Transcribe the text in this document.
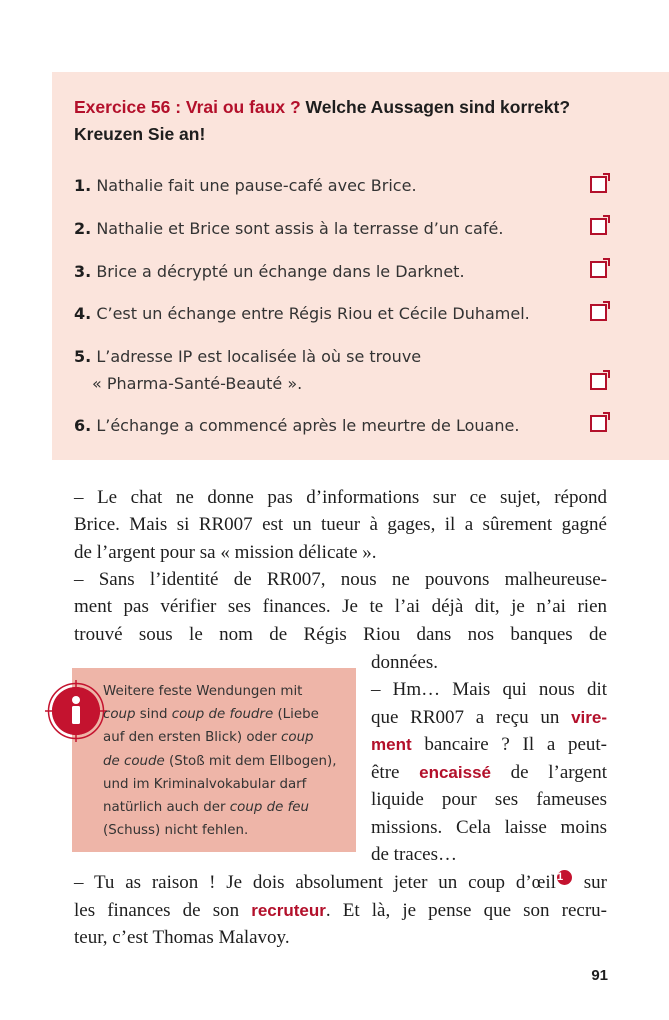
Exercice 56 : Vrai ou faux ? Welche Aussagen sind korrekt?
Kreuzen Sie an!
1. Nathalie fait une pause-café avec Brice.
2. Nathalie et Brice sont assis à la terrasse d’un café.
3. Brice a décrypté un échange dans le Darknet.
4. C’est un échange entre Régis Riou et Cécile Duhamel.
5. L’adresse IP est localisée là où se trouve
« Pharma-Santé-Beauté ».
6. L’échange a commencé après le meurtre de Louane.
– Le chat ne donne pas d’informations sur ce sujet, répond
Brice. Mais si RR007 est un tueur à gages, il a sûrement gagné
de l’argent pour sa « mission délicate ».
– Sans l’identité de RR007, nous ne pouvons malheureuse-
ment pas vérifier ses finances. Je te l’ai déjà dit, je n’ai rien
trouvé sous le nom de Régis Riou dans nos banques de
Weitere feste Wendungen mit
coup sind coup de foudre (Liebe
auf den ersten Blick) oder coup
de coude (Stoß mit dem Ellbogen),
und im Kriminalvokabular darf
natürlich auch der coup de feu
(Schuss) nicht fehlen.
données.
– Hm… Mais qui nous dit
que RR007 a reçu un vire-
ment bancaire ? Il a peut-
être encaissé de l’argent
liquide pour ses fameuses
missions. Cela laisse moins
de traces…
– Tu as raison ! Je dois absolument jeter un coup d’œil1 sur
les finances de son recruteur. Et là, je pense que son recru-
teur, c’est Thomas Malavoy.
91
